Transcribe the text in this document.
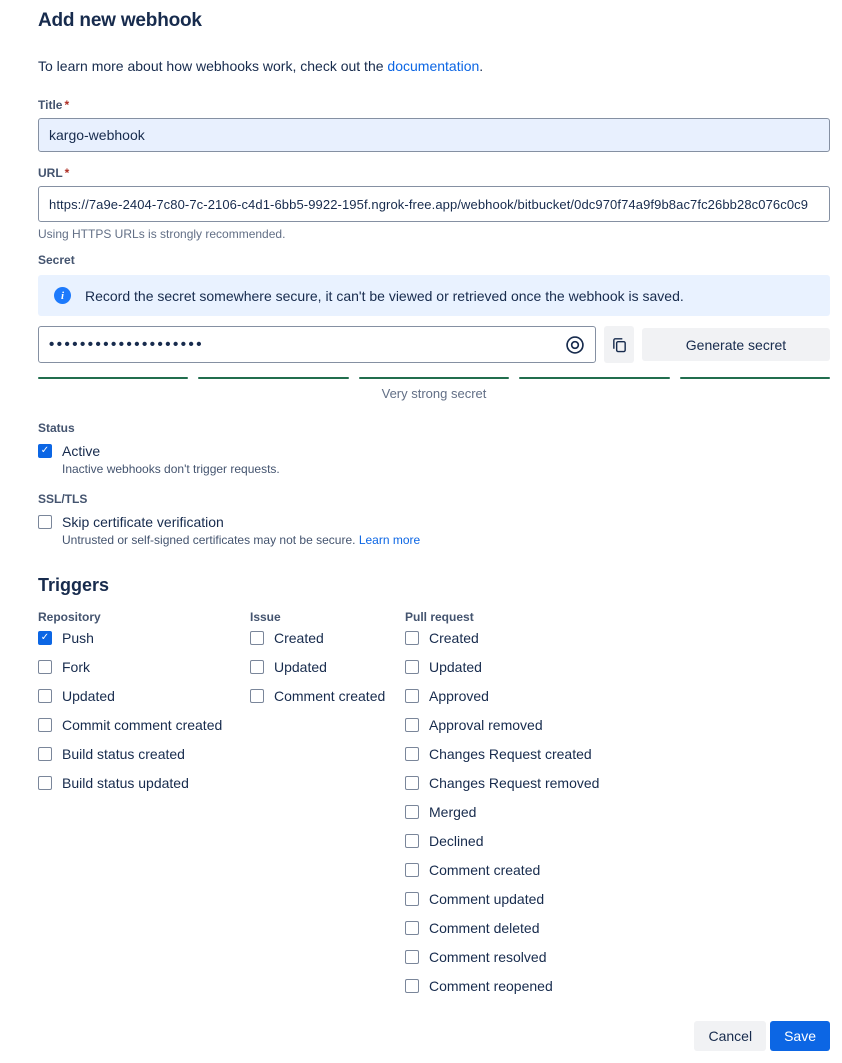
Add new webhook

To learn more about how webhooks work, check out the documentation.

Title *
kargo-webhook
URL *
https://7a9e-2404-7c80-7c-2106-c4d1-6bb5-9922-195f.ngrok-free.app/webhook/bitbucket/0dc970f74a9f9b8ac7fc26bb28c076c0c9
Using HTTPS URLs is strongly recommended.
Secret
i	Record the secret somewhere secure, it can't be viewed or retrieved once the webhook is saved.
••••••••••••••••••••	Generate secret
Very strong secret
Status
✓
Active
Inactive webhooks don't trigger requests.
SSL/TLS
Skip certificate verification
Untrusted or self-signed certificates may not be secure. Learn more
Triggers
Repository
✓
Push
Fork
Updated
Commit comment created
Build status created
Build status updated
Issue
Created
Updated
Comment created
Pull request
Created
Updated
Approved
Approval removed
Changes Request created
Changes Request removed
Merged
Declined
Comment created
Comment updated
Comment deleted
Comment resolved
Comment reopened
Cancel	Save
